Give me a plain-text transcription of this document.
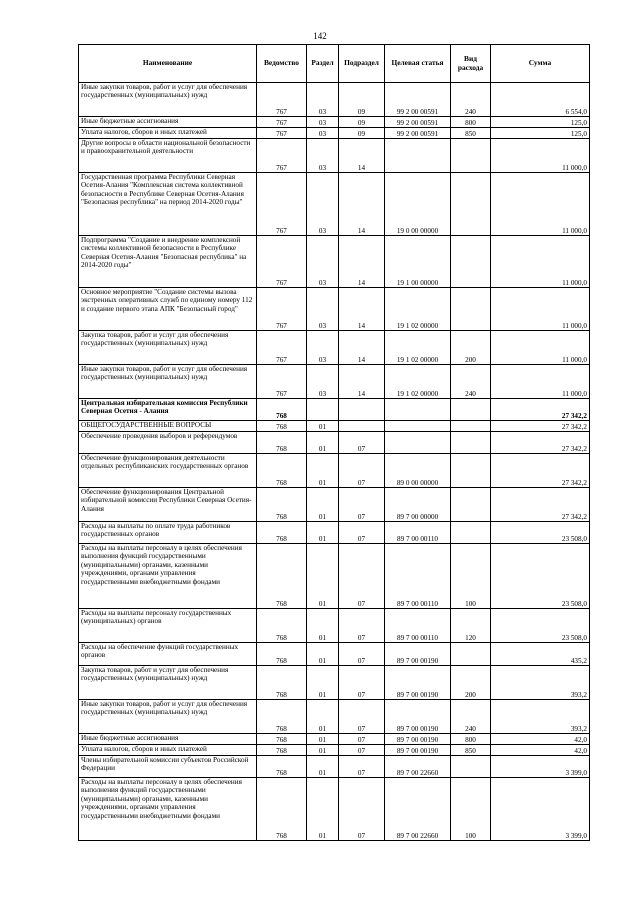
142
Наименование	Ведомство	Раздел	Подраздел	Целевая статья	Вид расхода	Сумма
Иные закупки товаров, работ и услуг для обеспечения государственных (муниципальных) нужд	767	03	09	99 2 00 00591	240	6 554,0
Иные бюджетные ассигнования	767	03	09	99 2 00 00591	800	125,0
Уплата налогов, сборов и иных платежей	767	03	09	99 2 00 00591	850	125,0
Другие вопросы в области национальной безопасности и правоохранительной деятельности	767	03	14			11 000,0
Государственная программа Республики Северная Осетия-Алания "Комплексная система коллективной безопасности в Республике Северная Осетия-Алания "Безопасная республика" на период 2014-2020 годы"	767	03	14	19 0 00 00000		11 000,0
Подпрограмма "Создание и внедрение комплексной системы коллективной безопасности в Республике Северная Осетия-Алания "Безопасная республика" на 2014-2020 годы"	767	03	14	19 1 00 00000		11 000,0
Основное мероприятие "Создание системы вызова экстренных оперативных служб по единому номеру 112 и создание первого этапа АПК "Безопасный город"	767	03	14	19 1 02 00000		11 000,0
Закупка товаров, работ и услуг для обеспечения государственных (муниципальных) нужд	767	03	14	19 1 02 00000	200	11 000,0
Иные закупки товаров, работ и услуг для обеспечения государственных (муниципальных) нужд	767	03	14	19 1 02 00000	240	11 000,0
Центральная избирательная комиссия Республики Северная Осетия - Алания	768					27 342,2
ОБЩЕГОСУДАРСТВЕННЫЕ ВОПРОСЫ	768	01				27 342,2
Обеспечение проведения выборов и референдумов	768	01	07			27 342,2
Обеспечение функционирования деятельности отдельных республиканских государственных органов	768	01	07	89 0 00 00000		27 342,2
Обеспечение функционирования Центральной избирательной комиссии Республики Северная Осетия-Алания	768	01	07	89 7 00 00000		27 342,2
Расходы на выплаты по оплате труда работников государственных органов	768	01	07	89 7 00 00110		23 508,0
Расходы на выплаты персоналу в целях обеспечения выполнения функций государственными (муниципальными) органами, казенными учреждениями, органами управления государственными внебюджетными фондами	768	01	07	89 7 00 00110	100	23 508,0
Расходы на выплаты персоналу государственных (муниципальных) органов	768	01	07	89 7 00 00110	120	23 508,0
Расходы на обеспечение функций государственных органов	768	01	07	89 7 00 00190		435,2
Закупка товаров, работ и услуг для обеспечения государственных (муниципальных) нужд	768	01	07	89 7 00 00190	200	393,2
Иные закупки товаров, работ и услуг для обеспечения государственных (муниципальных) нужд	768	01	07	89 7 00 00190	240	393,2
Иные бюджетные ассигнования	768	01	07	89 7 00 00190	800	42,0
Уплата налогов, сборов и иных платежей	768	01	07	89 7 00 00190	850	42,0
Члены избирательной комиссии субъектов Российской Федерации	768	01	07	89 7 00 22660		3 399,0
Расходы на выплаты персоналу в целях обеспечения выполнения функций государственными (муниципальными) органами, казенными учреждениями, органами управления государственными внебюджетными фондами	768	01	07	89 7 00 22660	100	3 399,0
